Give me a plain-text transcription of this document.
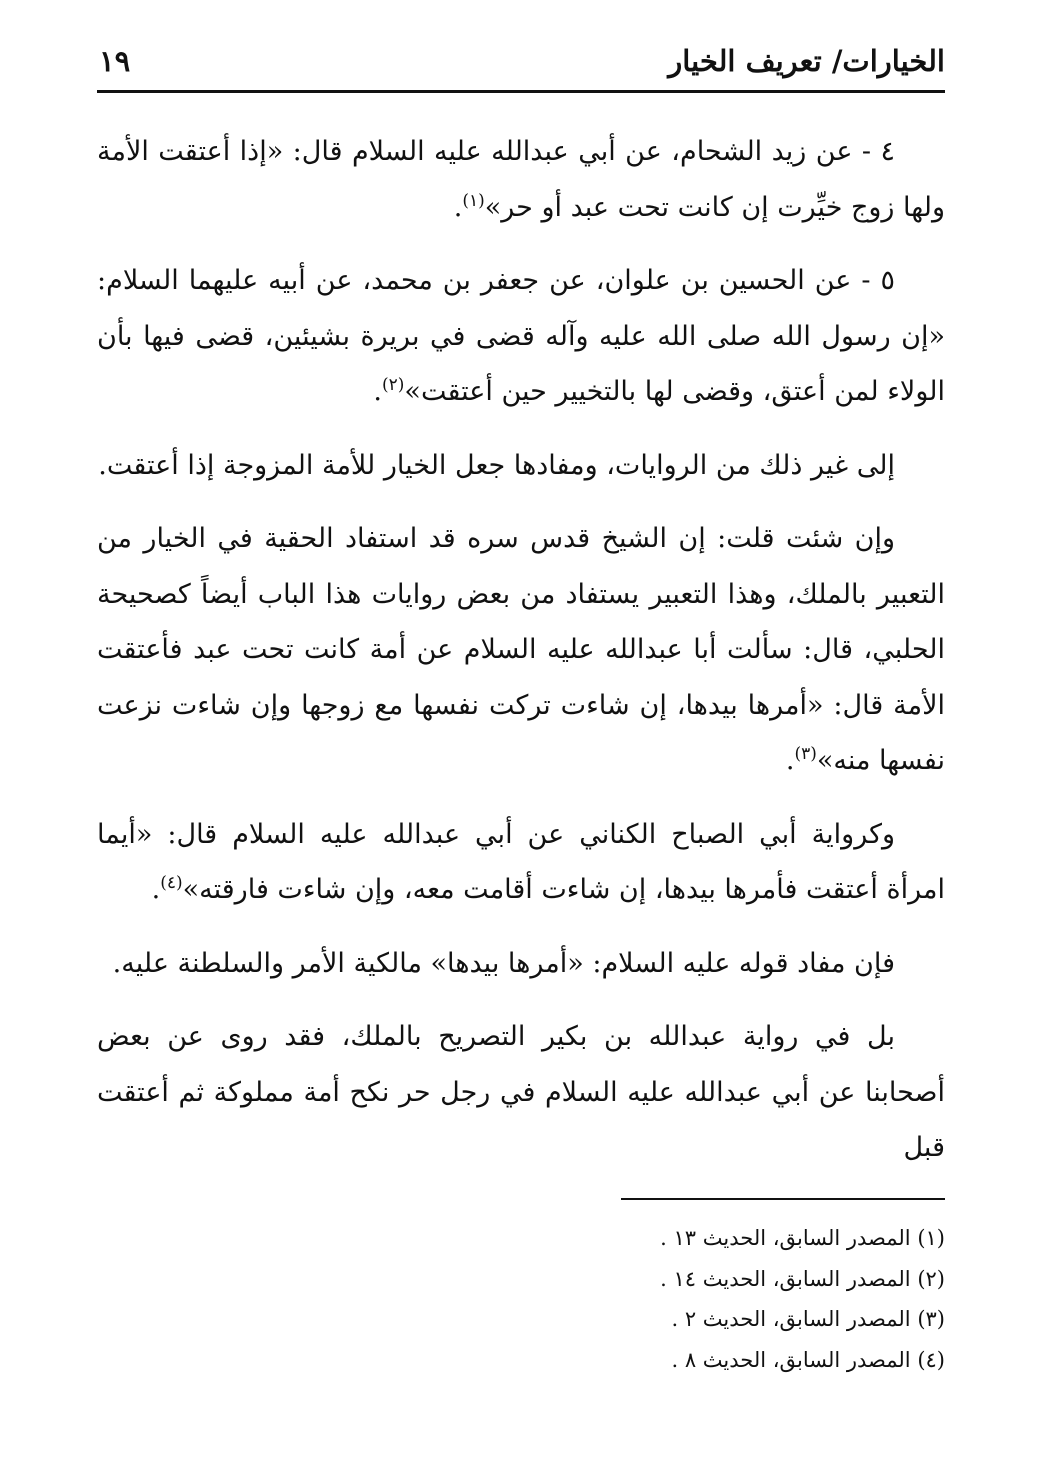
الخيارات/ تعريف الخيار
١٩

٤ - عن زيد الشحام، عن أبي عبدالله عليه السلام قال: «إذا أعتقت الأمة ولها زوج خيِّرت إن كانت تحت عبد أو حر»$^{(١)}$.

٥ - عن الحسين بن علوان، عن جعفر بن محمد، عن أبيه عليهما السلام: «إن رسول الله صلى الله عليه وآله قضى في بريرة بشيئين، قضى فيها بأن الولاء لمن أعتق، وقضى لها بالتخيير حين أعتقت»$^{(٢)}$.

إلى غير ذلك من الروايات، ومفادها جعل الخيار للأمة المزوجة إذا أعتقت.

وإن شئت قلت: إن الشيخ قدس سره قد استفاد الحقية في الخيار من التعبير بالملك، وهذا التعبير يستفاد من بعض روايات هذا الباب أيضاً كصحيحة الحلبي، قال: سألت أبا عبدالله عليه السلام عن أمة كانت تحت عبد فأعتقت الأمة قال: «أمرها بيدها، إن شاءت تركت نفسها مع زوجها وإن شاءت نزعت نفسها منه»$^{(٣)}$.

وكرواية أبي الصباح الكناني عن أبي عبدالله عليه السلام قال: «أيما امرأة أعتقت فأمرها بيدها، إن شاءت أقامت معه، وإن شاءت فارقته»$^{(٤)}$.

فإن مفاد قوله عليه السلام: «أمرها بيدها» مالكية الأمر والسلطنة عليه.

بل في رواية عبدالله بن بكير التصريح بالملك، فقد روى عن بعض أصحابنا عن أبي عبدالله عليه السلام في رجل حر نكح أمة مملوكة ثم أعتقت قبل

(١) المصدر السابق، الحديث ١٣ .

(٢) المصدر السابق، الحديث ١٤ .

(٣) المصدر السابق، الحديث ٢ .

(٤) المصدر السابق، الحديث ٨ .
